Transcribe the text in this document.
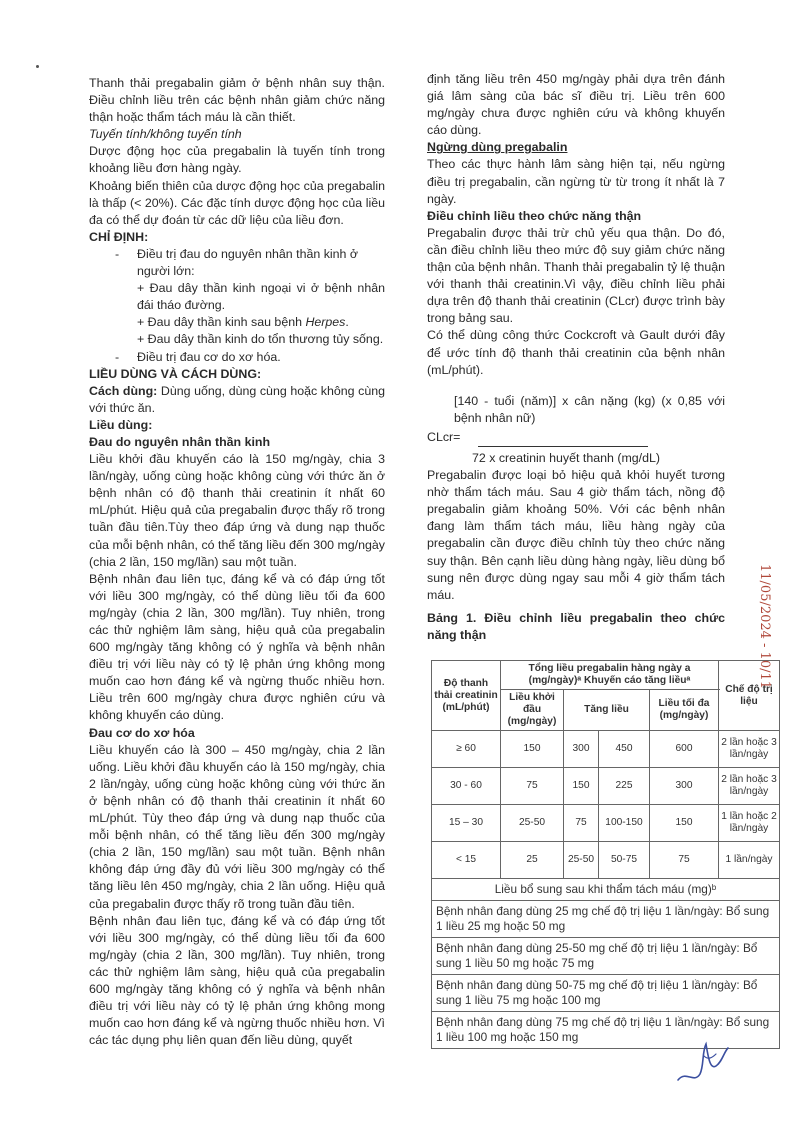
Thanh thải pregabalin giảm ở bệnh nhân suy thận. Điều chỉnh liều trên các bệnh nhân giảm chức năng thận hoặc thẩm tách máu là cần thiết.

Tuyến tính/không tuyến tính

Dược động học của pregabalin là tuyến tính trong khoảng liều đơn hàng ngày.

Khoảng biến thiên của dược động học của pregabalin là thấp (< 20%). Các đặc tính dược động học của liều đa có thể dự đoán từ các dữ liệu của liều đơn.

CHỈ ĐỊNH:

- Điều trị đau do nguyên nhân thần kinh ở người lớn:

+ Đau dây thần kinh ngoại vi ở bệnh nhân đái tháo đường.

+ Đau dây thần kinh sau bệnh Herpes.

+ Đau dây thần kinh do tổn thương tủy sống.

- Điều trị đau cơ do xơ hóa.

LIỀU DÙNG VÀ CÁCH DÙNG:

Cách dùng: Dùng uống, dùng cùng hoặc không cùng với thức ăn.

Liều dùng:

Đau do nguyên nhân thần kinh

Liều khởi đầu khuyến cáo là 150 mg/ngày, chia 3 lần/ngày, uống cùng hoặc không cùng với thức ăn ở bệnh nhân có độ thanh thải creatinin ít nhất 60 mL/phút. Hiệu quả của pregabalin được thấy rõ trong tuần đầu tiên.Tùy theo đáp ứng và dung nạp thuốc của mỗi bệnh nhân, có thể tăng liều đến 300 mg/ngày (chia 2 lần, 150 mg/lần) sau một tuần.

Bệnh nhân đau liên tục, đáng kể và có đáp ứng tốt với liều 300 mg/ngày, có thể dùng liều tối đa 600 mg/ngày (chia 2 lần, 300 mg/lần). Tuy nhiên, trong các thử nghiệm lâm sàng, hiệu quả của pregabalin 600 mg/ngày tăng không có ý nghĩa và bệnh nhân điều trị với liều này có tỷ lệ phản ứng không mong muốn cao hơn đáng kể và ngừng thuốc nhiều hơn. Liều trên 600 mg/ngày chưa được nghiên cứu và không khuyến cáo dùng.

Đau cơ do xơ hóa

Liều khuyến cáo là 300 – 450 mg/ngày, chia 2 lần uống. Liều khởi đầu khuyến cáo là 150 mg/ngày, chia 2 lần/ngày, uống cùng hoặc không cùng với thức ăn ở bệnh nhân có độ thanh thải creatinin ít nhất 60 mL/phút. Tùy theo đáp ứng và dung nạp thuốc của mỗi bệnh nhân, có thể tăng liều đến 300 mg/ngày (chia 2 lần, 150 mg/lần) sau một tuần. Bệnh nhân không đáp ứng đầy đủ với liều 300 mg/ngày có thể tăng liều lên 450 mg/ngày, chia 2 lần uống. Hiệu quả của pregabalin được thấy rõ trong tuần đầu tiên.

Bệnh nhân đau liên tục, đáng kể và có đáp ứng tốt với liều 300 mg/ngày, có thể dùng liều tối đa 600 mg/ngày (chia 2 lần, 300 mg/lần). Tuy nhiên, trong các thử nghiệm lâm sàng, hiệu quả của pregabalin 600 mg/ngày tăng không có ý nghĩa và bệnh nhân điều trị với liều này có tỷ lệ phản ứng không mong muốn cao hơn đáng kể và ngừng thuốc nhiều hơn. Vì các tác dụng phụ liên quan đến liều dùng, quyết

định tăng liều trên 450 mg/ngày phải dựa trên đánh giá lâm sàng của bác sĩ điều trị. Liều trên 600 mg/ngày chưa được nghiên cứu và không khuyến cáo dùng.

Ngừng dùng pregabalin

Theo các thực hành lâm sàng hiện tại, nếu ngừng điều trị pregabalin, cần ngừng từ từ trong ít nhất là 7 ngày.

Điều chỉnh liều theo chức năng thận

Pregabalin được thải trừ chủ yếu qua thận. Do đó, cần điều chỉnh liều theo mức độ suy giảm chức năng thận của bệnh nhân. Thanh thải pregabalin tỷ lệ thuận với thanh thải creatinin.Vì vậy, điều chỉnh liều phải dựa trên độ thanh thải creatinin (CLcr) được trình bày trong bảng sau.

Có thể dùng công thức Cockcroft và Gault dưới đây để ước tính độ thanh thải creatinin của bệnh nhân (mL/phút).

[140 - tuổi (năm)] x cân nặng (kg) (x 0,85 với bệnh nhân nữ)

CLcr=

72 x creatinin huyết thanh (mg/dL)

Pregabalin được loại bỏ hiệu quả khỏi huyết tương nhờ thẩm tách máu. Sau 4 giờ thẩm tách, nồng độ pregabalin giảm khoảng 50%. Với các bệnh nhân đang làm thẩm tách máu, liều hàng ngày của pregabalin cần được điều chỉnh tùy theo chức năng suy thận. Bên cạnh liều dùng hàng ngày, liều dùng bổ sung nên được dùng ngay sau mỗi 4 giờ thẩm tách máu.

Bảng 1. Điều chỉnh liều pregabalin theo chức năng thận

Độ thanh thải creatinin (mL/phút)	Tổng liều pregabalin hàng ngày a (mg/ngày)ᵃ Khuyến cáo tăng liềuᵃ				Chế độ trị liệu
	Liều khởi đầu (mg/ngày)	Tăng liều		Liều tối đa (mg/ngày)	

≥ 60	150	300	450	600	2 lần hoặc 3 lần/ngày
30 - 60	75	150	225	300	2 lần hoặc 3 lần/ngày
15 – 30	25-50	75	100-150	150	1 lần hoặc 2 lần/ngày
< 15	25	25-50	50-75	75	1 lần/ngày
Liều bổ sung sau khi thẩm tách máu (mg)ᵇ					
Bệnh nhân đang dùng 25 mg chế độ trị liệu 1 lần/ngày: Bổ sung 1 liều 25 mg hoặc 50 mg					
Bệnh nhân đang dùng 25-50 mg chế độ trị liệu 1 lần/ngày: Bổ sung 1 liều 50 mg hoặc 75 mg					
Bệnh nhân đang dùng 50-75 mg chế độ trị liệu 1 lần/ngày: Bổ sung 1 liều 75 mg hoặc 100 mg					
Bệnh nhân đang dùng 75 mg chế độ trị liệu 1 lần/ngày: Bổ sung 1 liều 100 mg hoặc 150 mg					
11/05/2024 - 10/11
